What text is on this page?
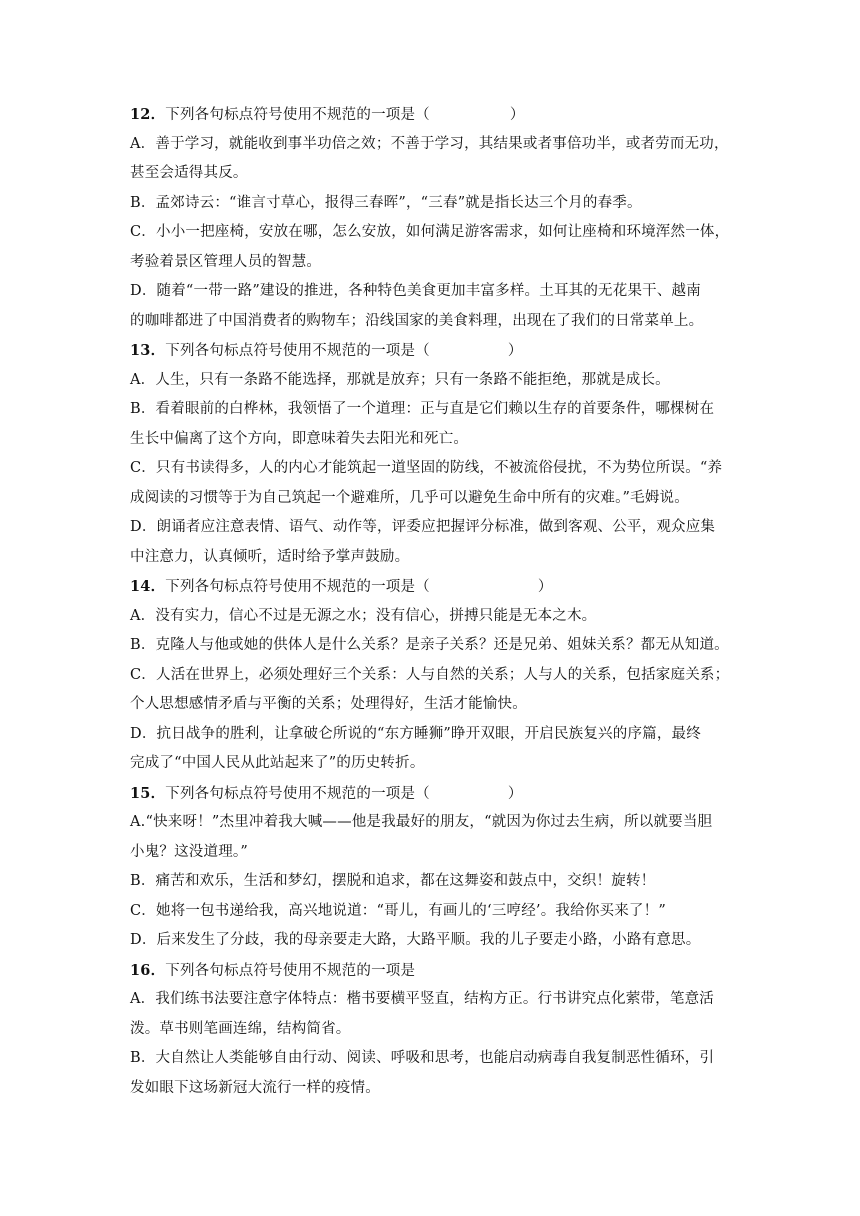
12．下列各句标点符号使用不规范的一项是（	）
A．善于学习，就能收到事半功倍之效；不善于学习，其结果或者事倍功半，或者劳而无功，
甚至会适得其反。
B．孟郊诗云：“谁言寸草心，报得三春晖”，“三春”就是指长达三个月的春季。
C．小小一把座椅，安放在哪，怎么安放，如何满足游客需求，如何让座椅和环境浑然一体，
考验着景区管理人员的智慧。
D．随着“一带一路”建设的推进，各种特色美食更加丰富多样。土耳其的无花果干、越南
的咖啡都进了中国消费者的购物车；沿线国家的美食料理，出现在了我们的日常菜单上。
13．下列各句标点符号使用不规范的一项是（	）
A．人生，只有一条路不能选择，那就是放弃；只有一条路不能拒绝，那就是成长。
B．看着眼前的白桦林，我领悟了一个道理：正与直是它们赖以生存的首要条件，哪棵树在
生长中偏离了这个方向，即意味着失去阳光和死亡。
C．只有书读得多，人的内心才能筑起一道坚固的防线，不被流俗侵扰，不为势位所误。“养
成阅读的习惯等于为自己筑起一个避难所，几乎可以避免生命中所有的灾难。”毛姆说。
D．朗诵者应注意表情、语气、动作等，评委应把握评分标准，做到客观、公平，观众应集
中注意力，认真倾听，适时给予掌声鼓励。
14．下列各句标点符号使用不规范的一项是（	）
A．没有实力，信心不过是无源之水；没有信心，拼搏只能是无本之木。
B．克隆人与他或她的供体人是什么关系？是亲子关系？还是兄弟、姐妹关系？都无从知道。
C．人活在世界上，必须处理好三个关系：人与自然的关系；人与人的关系，包括家庭关系；
个人思想感情矛盾与平衡的关系；处理得好，生活才能愉快。
D．抗日战争的胜利，让拿破仑所说的“东方睡狮”睁开双眼，开启民族复兴的序篇，最终
完成了“中国人民从此站起来了”的历史转折。
15．下列各句标点符号使用不规范的一项是（	）
A.“快来呀！”杰里冲着我大喊——他是我最好的朋友，“就因为你过去生病，所以就要当胆
小鬼？这没道理。”
B．痛苦和欢乐，生活和梦幻，摆脱和追求，都在这舞姿和鼓点中，交织！旋转！
C．她将一包书递给我，高兴地说道：“哥儿，有画儿的‘三哼经’。我给你买来了！”
D．后来发生了分歧，我的母亲要走大路，大路平顺。我的儿子要走小路，小路有意思。
16．下列各句标点符号使用不规范的一项是
A．我们练书法要注意字体特点：楷书要横平竖直，结构方正。行书讲究点化萦带，笔意活
泼。草书则笔画连绵，结构简省。
B．大自然让人类能够自由行动、阅读、呼吸和思考，也能启动病毒自我复制恶性循环，引
发如眼下这场新冠大流行一样的疫情。
